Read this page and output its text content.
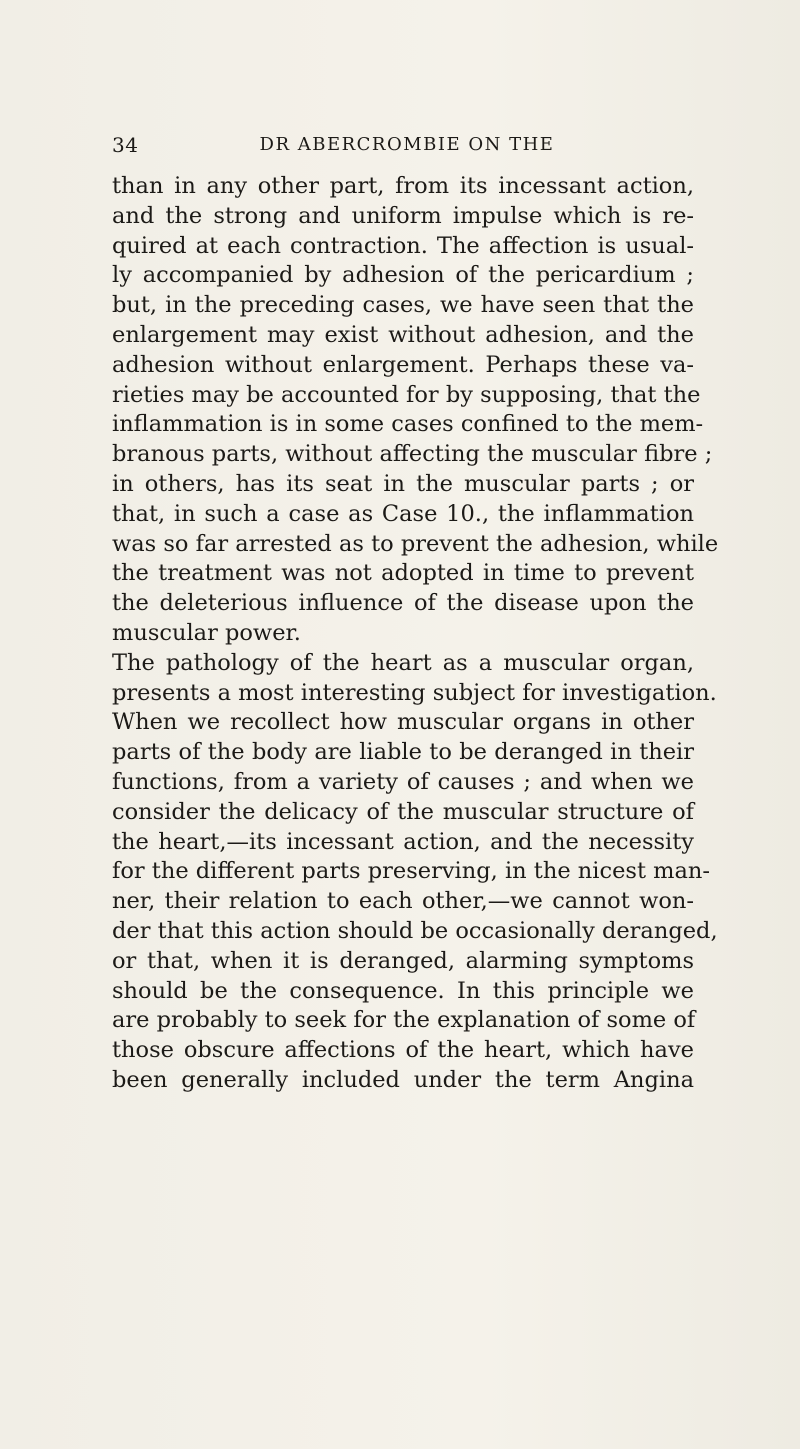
34	DR ABERCROMBIE ON THE
than in any other part, from its incessant action,
and the strong and uniform impulse which is re-
quired at each contraction. The affection is usual-
ly accompanied by adhesion of the pericardium ;
but, in the preceding cases, we have seen that the
enlargement may exist without adhesion, and the
adhesion without enlargement. Perhaps these va-
rieties may be accounted for by supposing, that the
inflammation is in some cases confined to the mem-
branous parts, without affecting the muscular fibre ;
in others, has its seat in the muscular parts ; or
that, in such a case as Case 10., the inflammation
was so far arrested as to prevent the adhesion, while
the treatment was not adopted in time to prevent
the deleterious influence of the disease upon the
muscular power.
The pathology of the heart as a muscular organ,
presents a most interesting subject for investigation.
When we recollect how muscular organs in other
parts of the body are liable to be deranged in their
functions, from a variety of causes ; and when we
consider the delicacy of the muscular structure of
the heart,—its incessant action, and the necessity
for the different parts preserving, in the nicest man-
ner, their relation to each other,—we cannot won-
der that this action should be occasionally deranged,
or that, when it is deranged, alarming symptoms
should be the consequence. In this principle we
are probably to seek for the explanation of some of
those obscure affections of the heart, which have
been generally included under the term Angina
